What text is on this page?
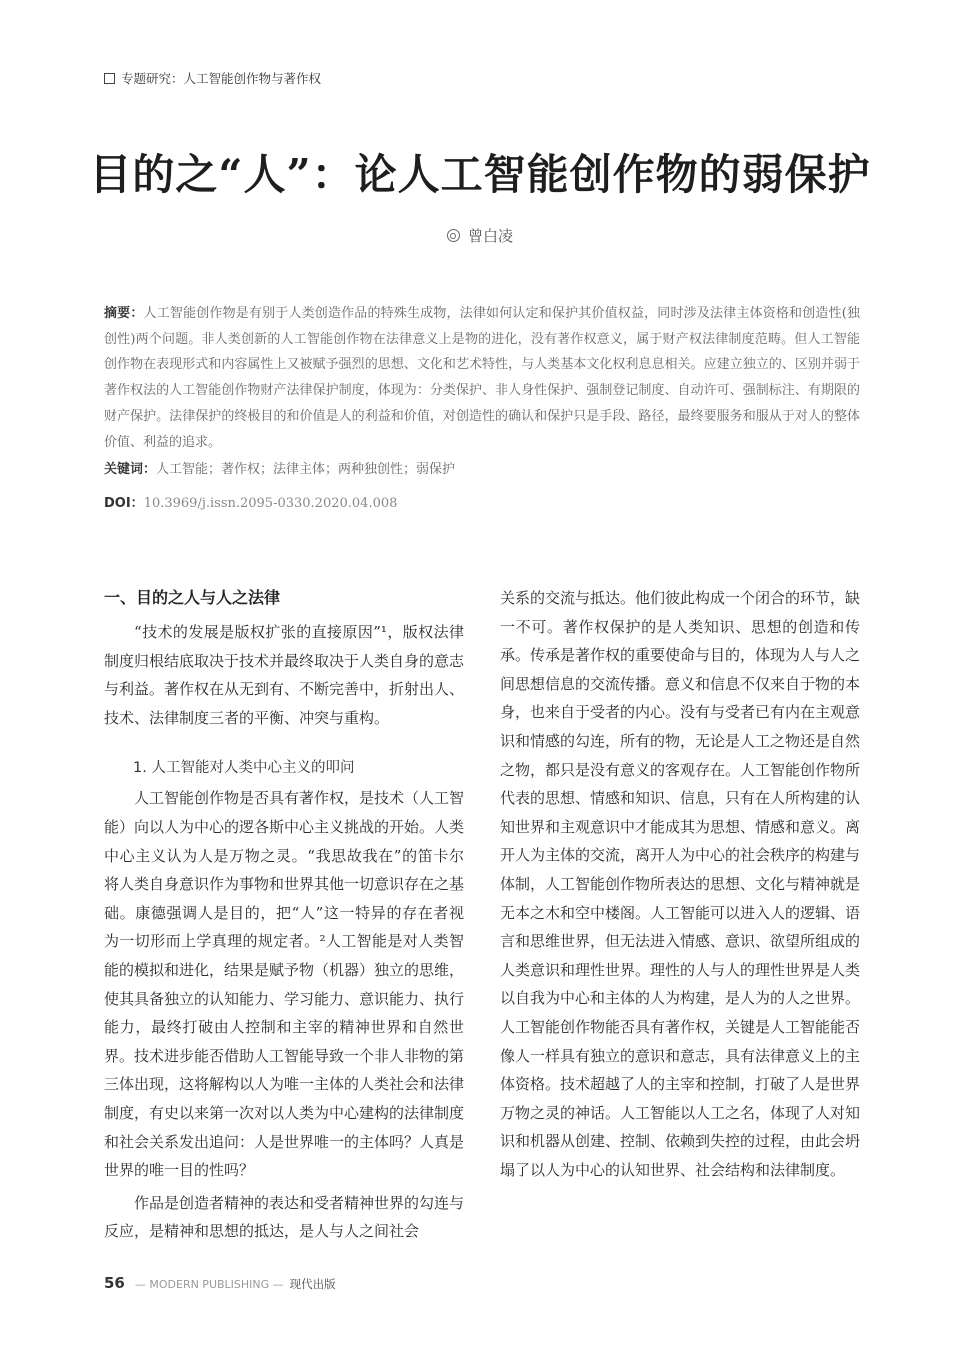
专题研究：人工智能创作物与著作权
目的之“人”：论人工智能创作物的弱保护
曾白凌

摘要：人工智能创作物是有别于人类创造作品的特殊生成物，法律如何认定和保护其价值权益，同时涉及法律主体资格和创造性(独创性)两个问题。非人类创新的人工智能创作物在法律意义上是物的进化，没有著作权意义，属于财产权法律制度范畴。但人工智能创作物在表现形式和内容属性上又被赋予强烈的思想、文化和艺术特性，与人类基本文化权利息息相关。应建立独立的、区别并弱于著作权法的人工智能创作物财产法律保护制度，体现为：分类保护、非人身性保护、强制登记制度、自动许可、强制标注、有期限的财产保护。法律保护的终极目的和价值是人的利益和价值，对创造性的确认和保护只是手段、路径，最终要服务和服从于对人的整体价值、利益的追求。

关键词：人工智能；著作权；法律主体；两种独创性；弱保护
DOI：10.3969/j.issn.2095-0330.2020.04.008
一、目的之人与人之法律

“技术的发展是版权扩张的直接原因”¹，版权法律制度归根结底取决于技术并最终取决于人类自身的意志与利益。著作权在从无到有、不断完善中，折射出人、技术、法律制度三者的平衡、冲突与重构。

1. 人工智能对人类中心主义的叩问

人工智能创作物是否具有著作权，是技术（人工智能）向以人为中心的逻各斯中心主义挑战的开始。人类中心主义认为人是万物之灵。“我思故我在”的笛卡尔将人类自身意识作为事物和世界其他一切意识存在之基础。康德强调人是目的，把“人”这一特异的存在者视为一切形而上学真理的规定者。²人工智能是对人类智能的模拟和进化，结果是赋予物（机器）独立的思维，使其具备独立的认知能力、学习能力、意识能力、执行能力，最终打破由人控制和主宰的精神世界和自然世界。技术进步能否借助人工智能导致一个非人非物的第三体出现，这将解构以人为唯一主体的人类社会和法律制度，有史以来第一次对以人类为中心建构的法律制度和社会关系发出追问：人是世界唯一的主体吗？人真是世界的唯一目的性吗？

作品是创造者精神的表达和受者精神世界的勾连与反应，是精神和思想的抵达，是人与人之间社会

关系的交流与抵达。他们彼此构成一个闭合的环节，缺一不可。著作权保护的是人类知识、思想的创造和传承。传承是著作权的重要使命与目的，体现为人与人之间思想信息的交流传播。意义和信息不仅来自于物的本身，也来自于受者的内心。没有与受者已有内在主观意识和情感的勾连，所有的物，无论是人工之物还是自然之物，都只是没有意义的客观存在。人工智能创作物所代表的思想、情感和知识、信息，只有在人所构建的认知世界和主观意识中才能成其为思想、情感和意义。离开人为主体的交流，离开人为中心的社会秩序的构建与体制，人工智能创作物所表达的思想、文化与精神就是无本之木和空中楼阁。人工智能可以进入人的逻辑、语言和思维世界，但无法进入情感、意识、欲望所组成的人类意识和理性世界。理性的人与人的理性世界是人类以自我为中心和主体的人为构建，是人为的人之世界。人工智能创作物能否具有著作权，关键是人工智能能否像人一样具有独立的意识和意志，具有法律意义上的主体资格。技术超越了人的主宰和控制，打破了人是世界万物之灵的神话。人工智能以人工之名，体现了人对知识和机器从创建、控制、依赖到失控的过程，由此会坍塌了以人为中心的认知世界、社会结构和法律制度。

56 — MODERN PUBLISHING — 现代出版
